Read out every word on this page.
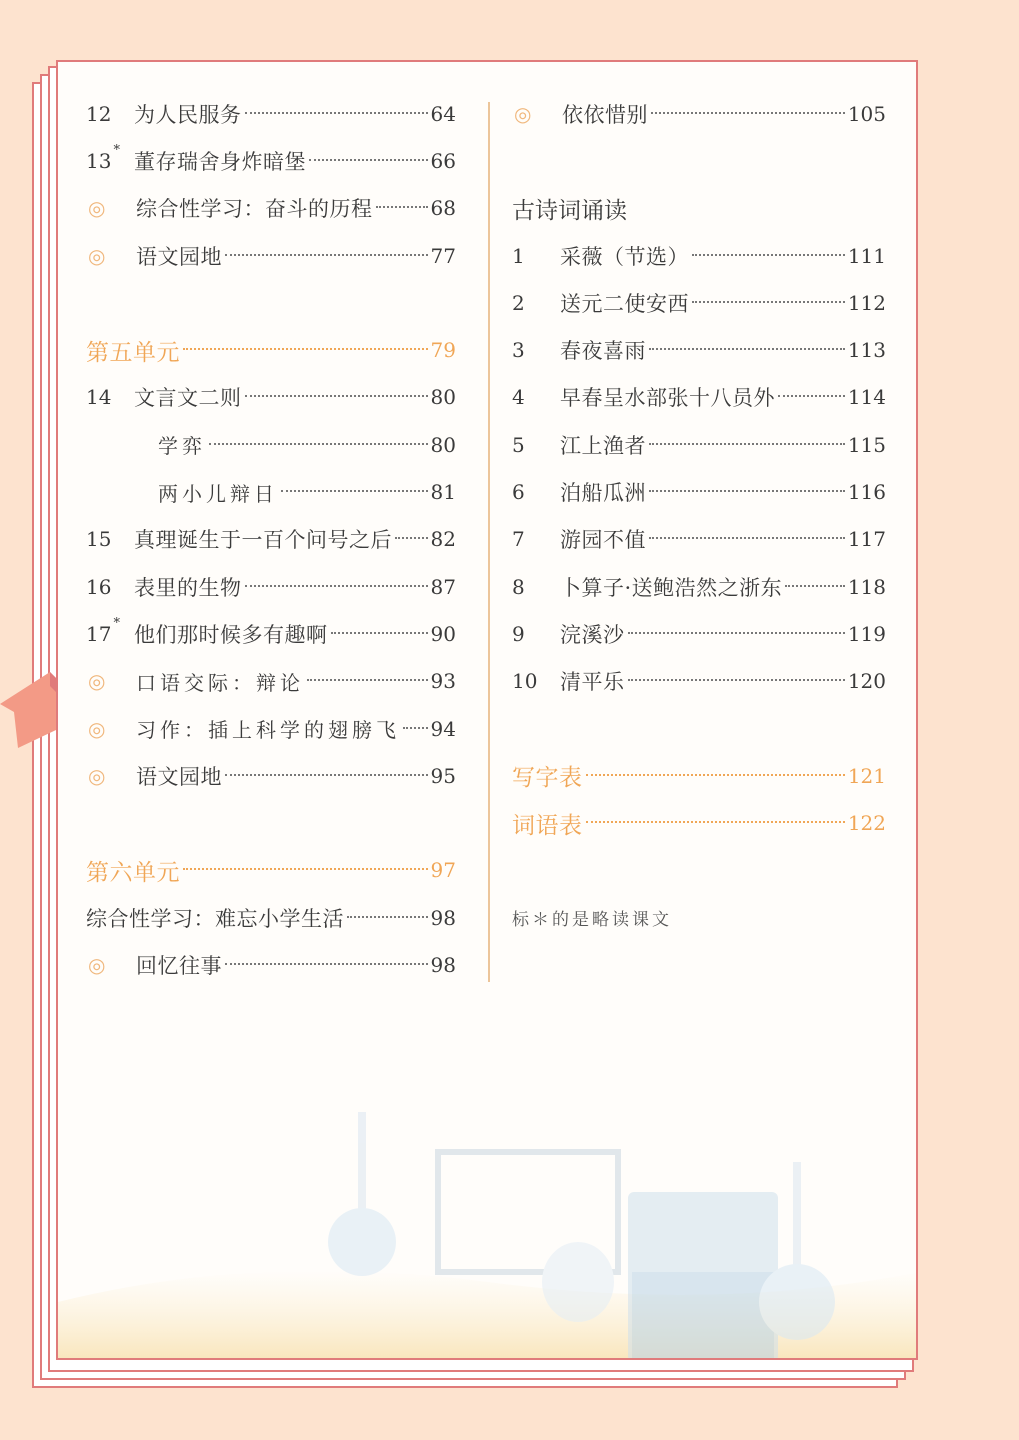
12	为人民服务	64
13 * 董存瑞舍身炸暗堡	66
◎	综合性学习：奋斗的历程	68
◎	语文园地	77
第五单元	79
14	文言文二则	80
学弈	80
两小儿辩日	81
15	真理诞生于一百个问号之后 82
16	表里的生物	87
17 * 他们那时候多有趣啊	90
◎	口语交际：辩论	93
◎	习作：插上科学的翅膀飞 94
◎	语文园地	95
第六单元	97
综合性学习：难忘小学生活	98
◎	回忆往事	98
◎	依依惜别	105
古诗词诵读
1	采薇（节选）	111
2	送元二使安西	112
3	春夜喜雨	113
4	早春呈水部张十八员外	114
5	江上渔者	115
6	泊船瓜洲	116
7	游园不值	117
8	卜算子·送鲍浩然之浙东	118
9	浣溪沙	119
10	清平乐	120
写字表	121
词语表	122
标＊的是略读课文
